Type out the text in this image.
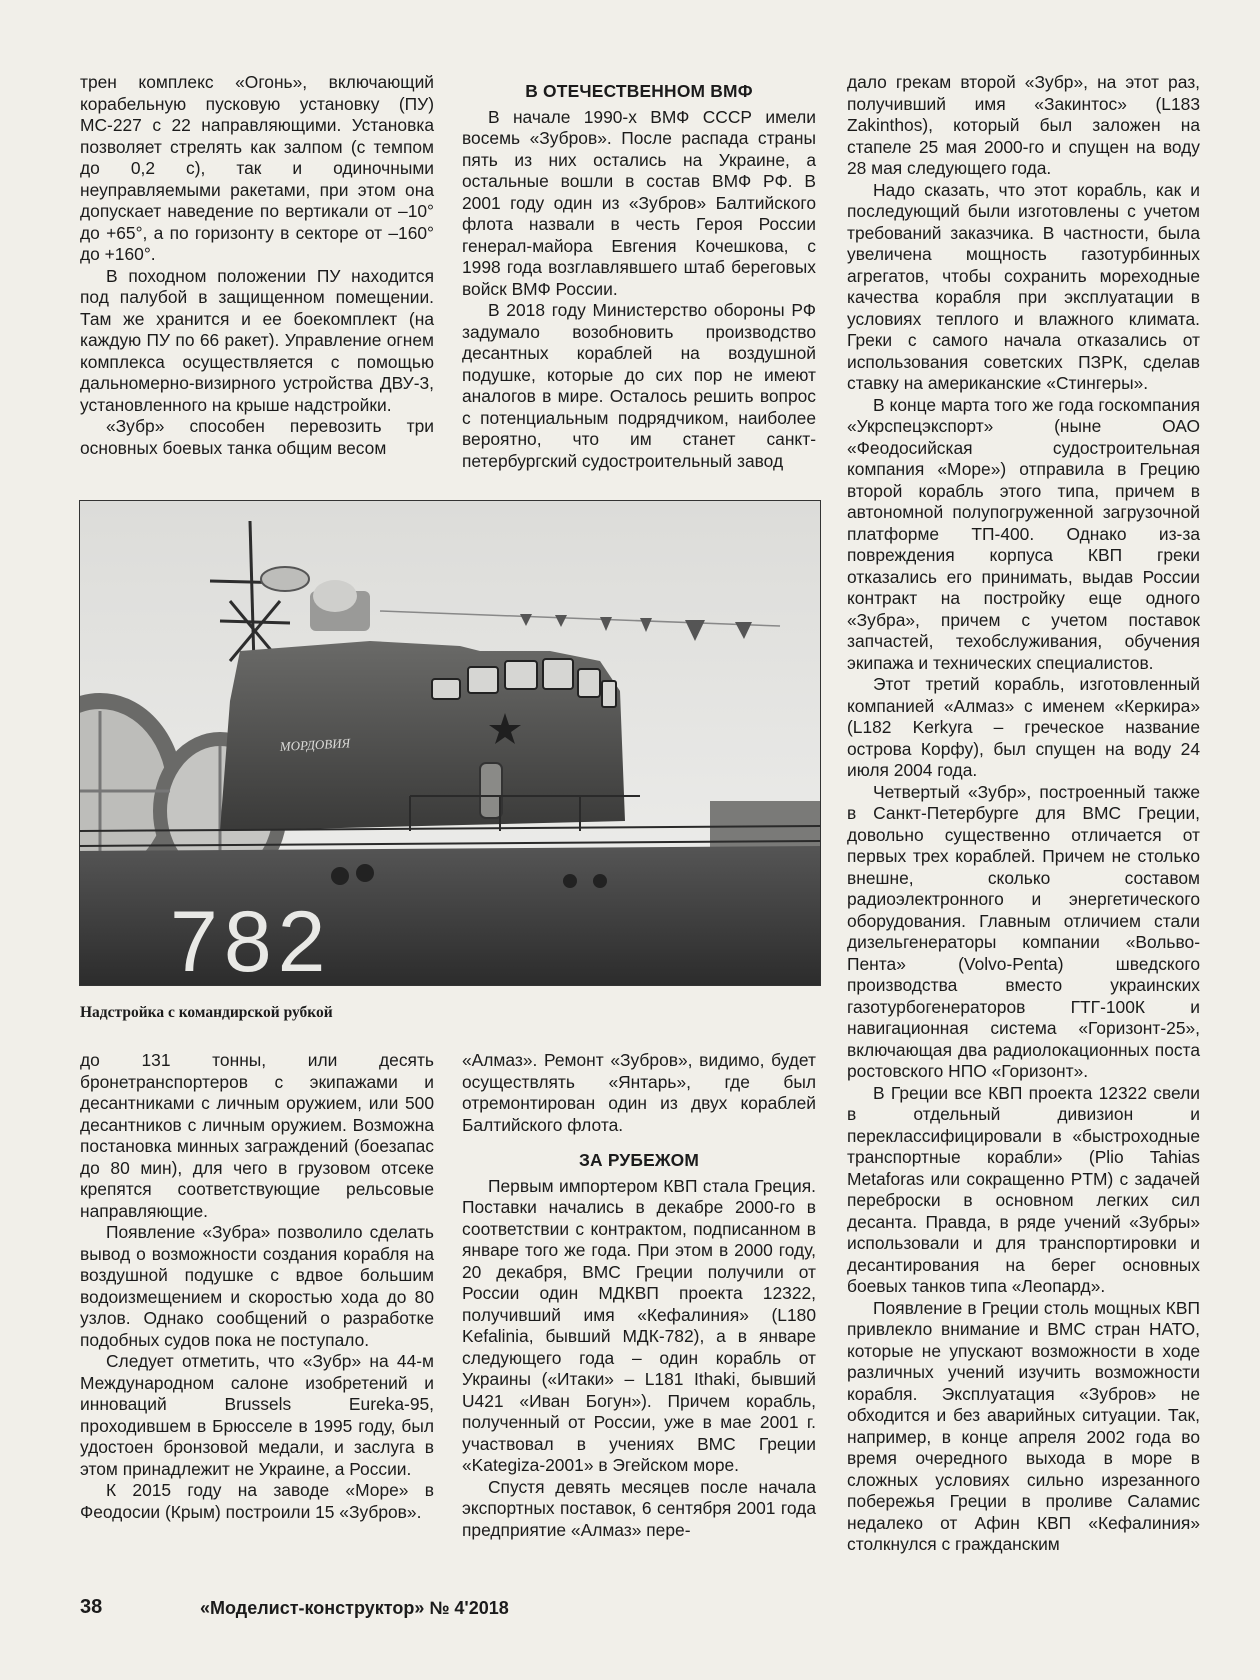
трен комплекс «Огонь», включающий корабельную пусковую установку (ПУ) МС-227 с 22 направляющими. Установка позволяет стрелять как залпом (с темпом до 0,2 с), так и одиночными неуправляемыми ракетами, при этом она допускает наведение по вертикали от –10° до +65°, а по горизонту в секторе от –160° до +160°.

В походном положении ПУ находится под палубой в защищенном помещении. Там же хранится и ее боекомплект (на каждую ПУ по 66 ракет). Управление огнем комплекса осуществляется с помощью дальномерно-визирного устройства ДВУ-3, установленного на крыше надстройки.

«Зубр» способен перевозить три основных боевых танка общим весом

В ОТЕЧЕСТВЕННОМ ВМФ

В начале 1990-х ВМФ СССР имели восемь «Зубров». После распада страны пять из них остались на Украине, а остальные вошли в состав ВМФ РФ. В 2001 году один из «Зубров» Балтийского флота назвали в честь Героя России генерал-майора Евгения Кочешкова, с 1998 года возглавлявшего штаб береговых войск ВМФ России.

В 2018 году Министерство обороны РФ задумало возобновить производство десантных кораблей на воздушной подушке, которые до сих пор не имеют аналогов в мире. Осталось решить вопрос с потенциальным подрядчиком, наиболее вероятно, что им станет санкт-петербургский судостроительный завод

дало грекам второй «Зубр», на этот раз, получивший имя «Закинтос» (L183 Zakinthos), который был заложен на стапеле 25 мая 2000-го и спущен на воду 28 мая следующего года.

Надо сказать, что этот корабль, как и последующий были изготовлены с учетом требований заказчика. В частности, была увеличена мощность газотурбинных агрегатов, чтобы сохранить мореходные качества корабля при эксплуатации в условиях теплого и влажного климата. Греки с самого начала отказались от использования советских ПЗРК, сделав ставку на американские «Стингеры».

В конце марта того же года госкомпания «Укрспецэкспорт» (ныне ОАО «Феодосийская судостроительная компания «Море») отправила в Грецию второй корабль этого типа, причем в автономной полупогруженной загрузочной платформе ТП-400. Однако из-за повреждения корпуса КВП греки отказались его принимать, выдав России контракт на постройку еще одного «Зубра», причем с учетом поставок запчастей, техобслуживания, обучения экипажа и технических специалистов.

Этот третий корабль, изготовленный компанией «Алмаз» с именем «Керкира» (L182 Kerkyra – греческое название острова Корфу), был спущен на воду 24 июля 2004 года.

Четвертый «Зубр», построенный также в Санкт-Петербурге для ВМС Греции, довольно существенно отличается от первых трех кораблей. Причем не столько внешне, сколько составом радиоэлектронного и энергетического оборудования. Главным отличием стали дизельгенераторы компании «Вольво-Пента» (Volvo-Penta) шведского производства вместо украинских газотурбогенераторов ГТГ-100К и навигационная система «Горизонт-25», включающая два радиолокационных поста ростовского НПО «Горизонт».

В Греции все КВП проекта 12322 свели в отдельный дивизион и переклассифицировали в «быстроходные транспортные корабли» (Plio Tahias Metaforas или сокращенно PTM) с задачей переброски в основном легких сил десанта. Правда, в ряде учений «Зубры» использовали и для транспортировки и десантирования на берег основных боевых танков типа «Леопард».

Появление в Греции столь мощных КВП привлекло внимание и ВМС стран НАТО, которые не упускают возможности в ходе различных учений изучить возможности корабля. Эксплуатация «Зубров» не обходится и без аварийных ситуации. Так, например, в конце апреля 2002 года во время очередного выхода в море в сложных условиях сильно изрезанного побережья Греции в проливе Саламис недалеко от Афин КВП «Кефалиния» столкнулся с гражданским

МОРДОВИЯ
782
Надстройка с командирской рубкой

до 131 тонны, или десять бронетранспортеров с экипажами и десантниками с личным оружием, или 500 десантников с личным оружием. Возможна постановка минных заграждений (боезапас до 80 мин), для чего в грузовом отсеке крепятся соответствующие рельсовые направляющие.

Появление «Зубра» позволило сделать вывод о возможности создания корабля на воздушной подушке с вдвое большим водоизмещением и скоростью хода до 80 узлов. Однако сообщений о разработке подобных судов пока не поступало.

Следует отметить, что «Зубр» на 44-м Международном салоне изобретений и инноваций Brussels Eureka-95, проходившем в Брюсселе в 1995 году, был удостоен бронзовой медали, и заслуга в этом принадлежит не Украине, а России.

К 2015 году на заводе «Море» в Феодосии (Крым) построили 15 «Зубров».

«Алмаз». Ремонт «Зубров», видимо, будет осуществлять «Янтарь», где был отремонтирован один из двух кораблей Балтийского флота.

ЗА РУБЕЖОМ

Первым импортером КВП стала Греция. Поставки начались в декабре 2000-го в соответствии с контрактом, подписанном в январе того же года. При этом в 2000 году, 20 декабря, ВМС Греции получили от России один МДКВП проекта 12322, получивший имя «Кефалиния» (L180 Kefalinia, бывший МДК-782), а в январе следующего года – один корабль от Украины («Итаки» – L181 Ithaki, бывший U421 «Иван Богун»). Причем корабль, полученный от России, уже в мае 2001 г. участвовал в учениях ВМС Греции «Kategiza-2001» в Эгейском море.

Спустя девять месяцев после начала экспортных поставок, 6 сентября 2001 года предприятие «Алмаз» пере-

38	«Моделист-конструктор» № 4'2018
